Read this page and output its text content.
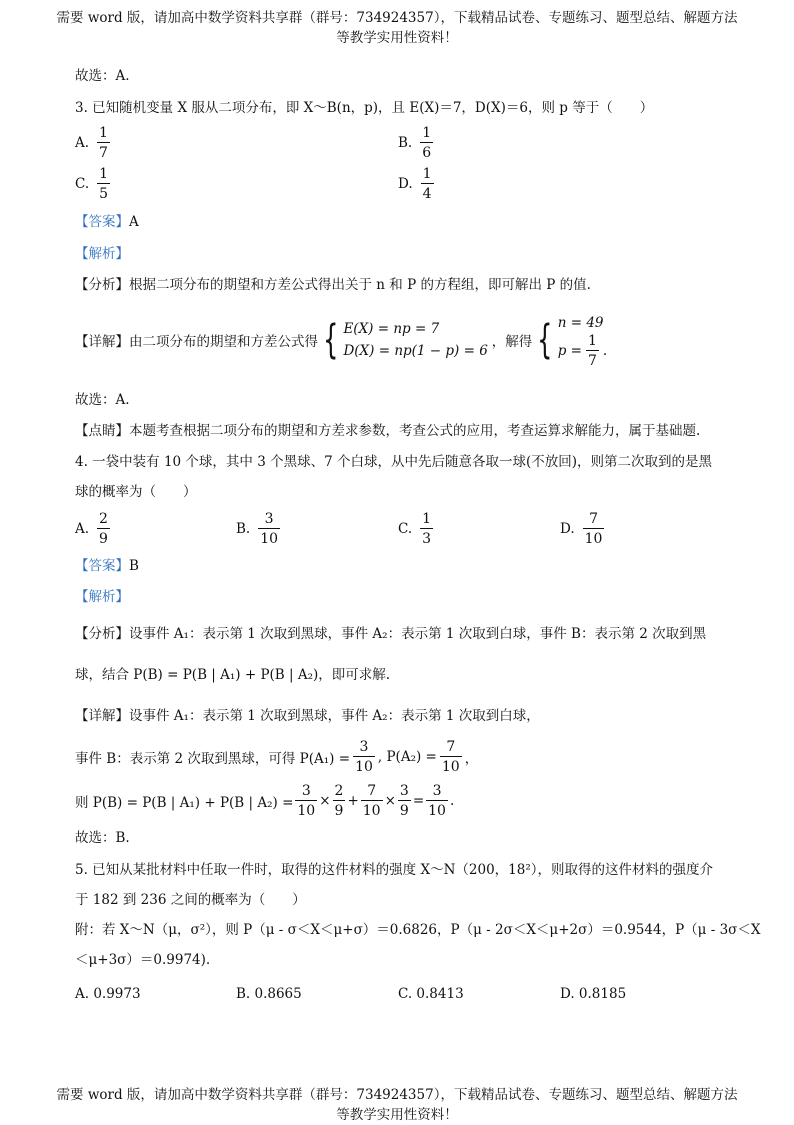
需要 word 版，请加高中数学资料共享群（群号：734924357），下载精品试卷、专题练习、题型总结、解题方法
等教学实用性资料！
故选：A.
3. 已知随机变量 X 服从二项分布，即 X～B(n，p)，且 E(X)＝7，D(X)＝6，则 p 等于（　　）
A. $\frac{1}{7}$	B. $\frac{1}{6}$
C. $\frac{1}{5}$	D. $\frac{1}{4}$
【答案】A
【解析】
【分析】根据二项分布的期望和方差公式得出关于 n 和 P 的方程组，即可解出 P 的值.
【详解】由二项分布的期望和方差公式得 { E(X) = np = 7
D(X) = np(1 − p) = 6
，解得 { n = 49
$p = \frac{1}{7}$ .
故选：A.
【点睛】本题考查根据二项分布的期望和方差求参数，考查公式的应用，考查运算求解能力，属于基础题.
4. 一袋中装有 10 个球，其中 3 个黑球、7 个白球，从中先后随意各取一球(不放回)，则第二次取到的是黑
球的概率为（　　）
A. $\frac{2}{9}$	B. $\frac{3}{10}$	C. $\frac{1}{3}$	D. $\frac{7}{10}$
【答案】B
【解析】
【分析】设事件 A₁：表示第 1 次取到黑球，事件 A₂：表示第 1 次取到白球，事件 B：表示第 2 次取到黑
球，结合 P(B) = P(B | A₁) + P(B | A₂)，即可求解.
【详解】设事件 A₁：表示第 1 次取到黑球，事件 A₂：表示第 1 次取到白球，
事件 B：表示第 2 次取到黑球，可得 $P(A_1) = \frac{3}{10}$ , $P(A_2) = \frac{7}{10}$ ，
则 P(B) = P(B | A₁) + P(B | $A_2) = \frac{3}{10} \times \frac{2}{9} + \frac{7}{10} \times \frac{3}{9} = \frac{3}{10}$ .
故选：B.
5. 已知从某批材料中任取一件时，取得的这件材料的强度 X～N（200，18²），则取得的这件材料的强度介
于 182 到 236 之间的概率为（　　）
附：若 X～N（μ，σ²），则 P（μ - σ＜X＜μ+σ）＝0.6826，P（μ - 2σ＜X＜μ+2σ）＝0.9544，P（μ - 3σ＜X
＜μ+3σ）＝0.9974).
A. 0.9973	B. 0.8665	C. 0.8413	D. 0.8185
需要 word 版，请加高中数学资料共享群（群号：734924357），下载精品试卷、专题练习、题型总结、解题方法
等教学实用性资料！
